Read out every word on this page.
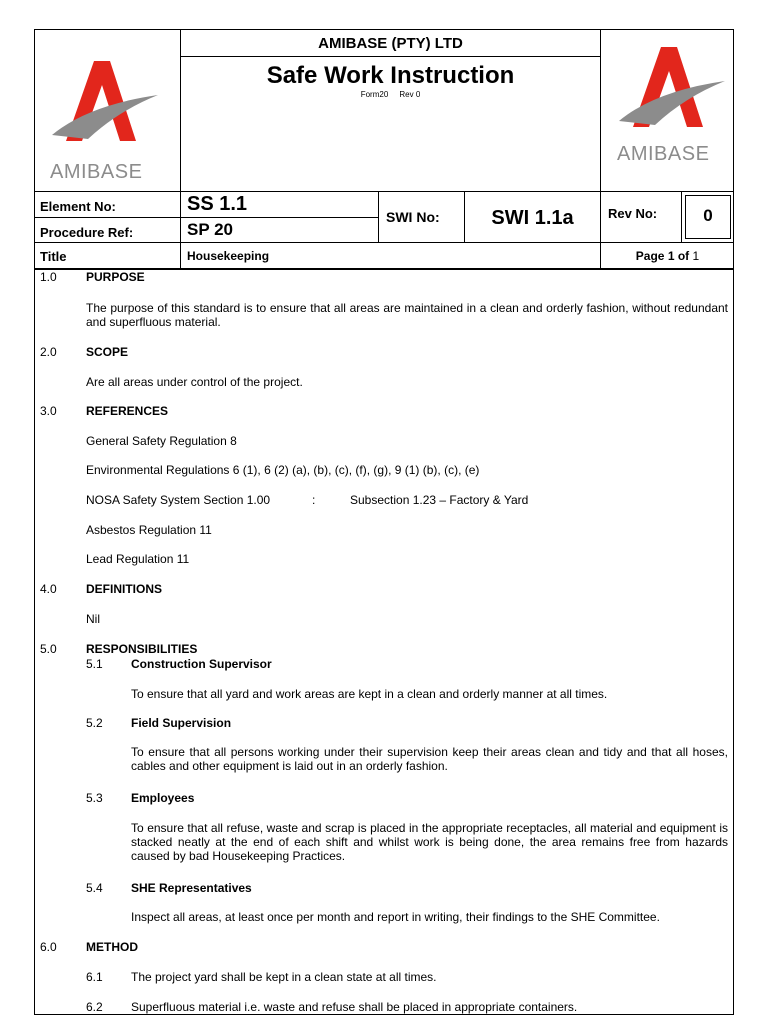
AMIBASE
AMIBASE (PTY) LTD
Safe Work Instruction
Form20 Rev 0
AMIBASE
Element No:	SS 1.1
Procedure Ref:	SP 20
SWI No:	SWI 1.1a	Rev No:	0
Title	Housekeeping	Page 1 of 1
1.0 PURPOSE
The purpose of this standard is to ensure that all areas are maintained in a clean and orderly fashion, without redundant and superfluous material.
2.0 SCOPE
Are all areas under control of the project.
3.0 REFERENCES
General Safety Regulation 8
Environmental Regulations 6 (1), 6 (2) (a), (b), (c), (f), (g), 9 (1) (b), (c), (e)
NOSA Safety System Section 1.00	:	Subsection 1.23 – Factory & Yard
Asbestos Regulation 11
Lead Regulation 11
4.0 DEFINITIONS
Nil
5.0 RESPONSIBILITIES
5.1 Construction Supervisor
To ensure that all yard and work areas are kept in a clean and orderly manner at all times.
5.2 Field Supervision
To ensure that all persons working under their supervision keep their areas clean and tidy and that all hoses, cables and other equipment is laid out in an orderly fashion.
5.3 Employees
To ensure that all refuse, waste and scrap is placed in the appropriate receptacles, all material and equipment is stacked neatly at the end of each shift and whilst work is being done, the area remains free from hazards caused by bad Housekeeping Practices.
5.4 SHE Representatives
Inspect all areas, at least once per month and report in writing, their findings to the SHE Committee.
6.0 METHOD
6.1 The project yard shall be kept in a clean state at all times.
6.2 Superfluous material i.e. waste and refuse shall be placed in appropriate containers.
